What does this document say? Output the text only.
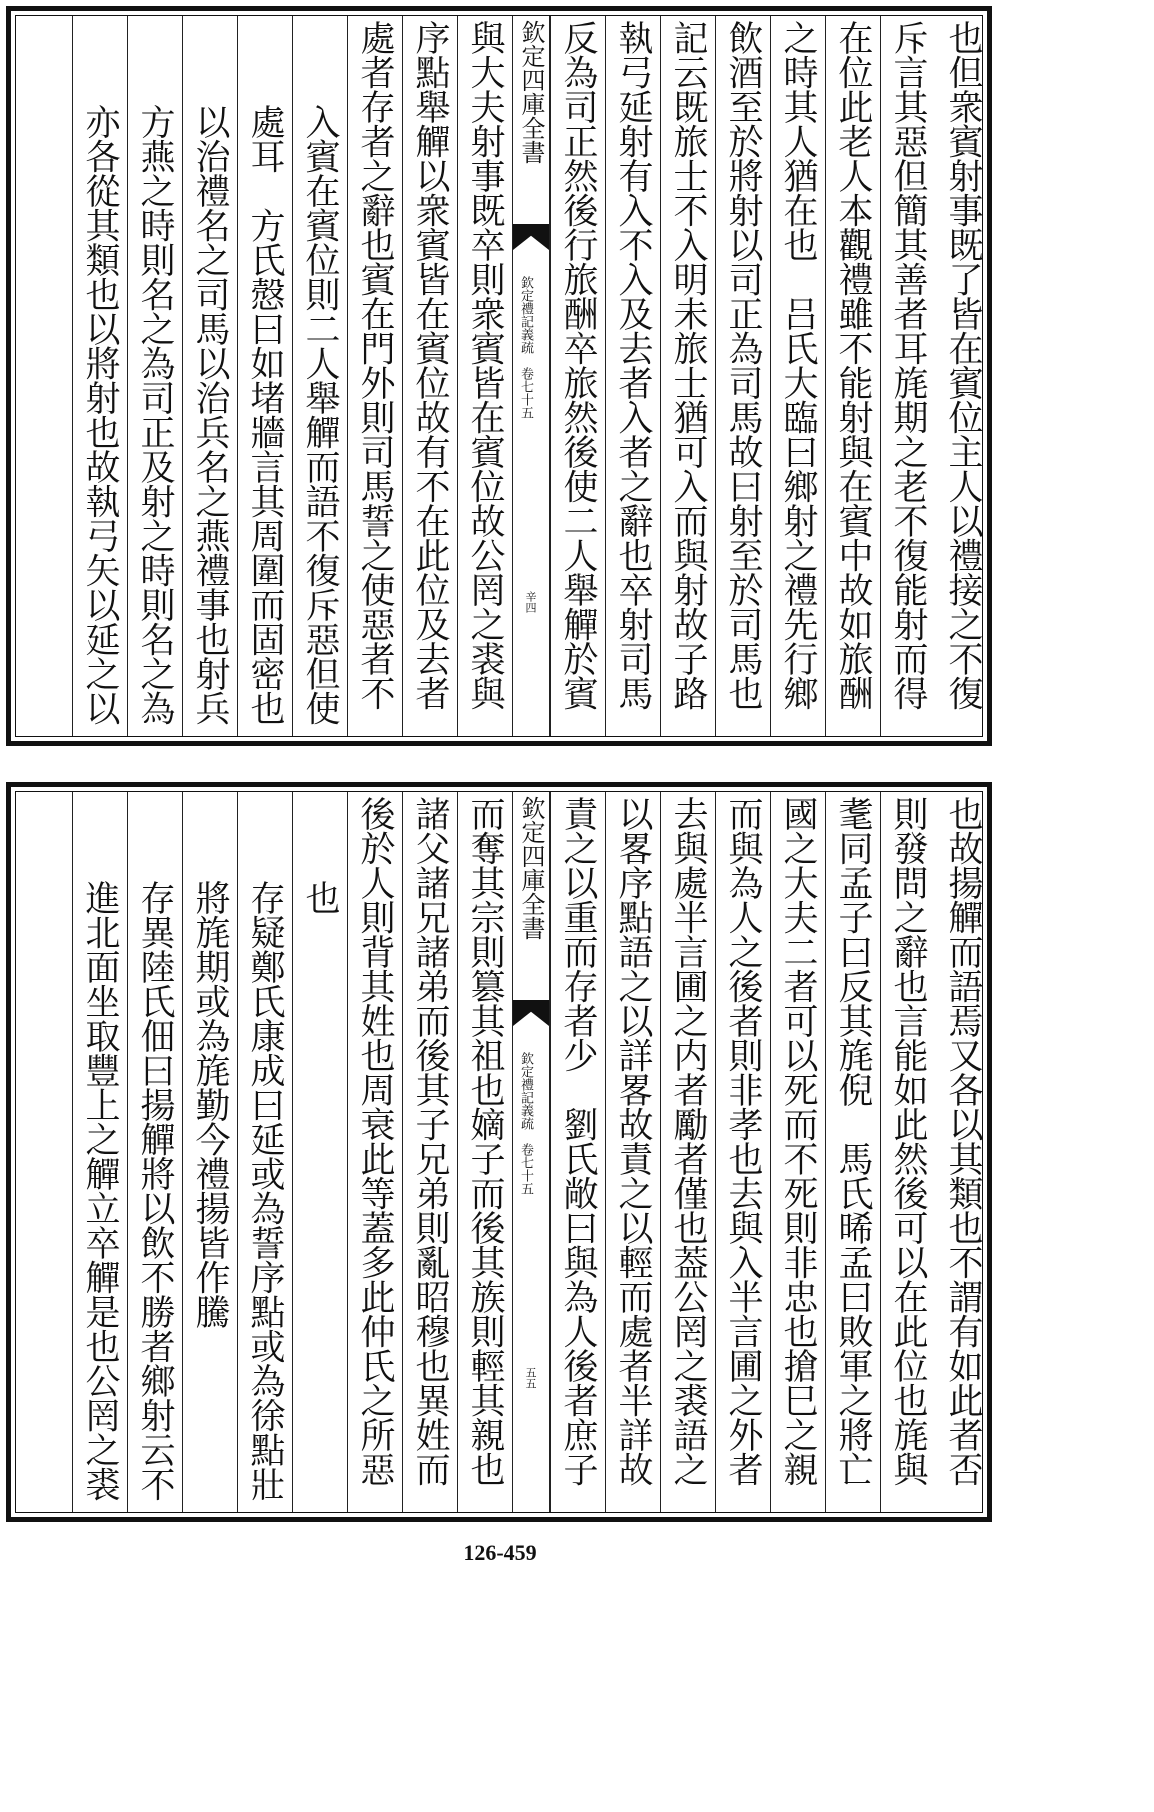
也但衆賓射事既了皆在賓位主人以禮接之不復
斥言其惡但簡其善者耳旄期之老不復能射而得
在位此老人本觀禮雖不能射與在賓中故如旅酬
之時其人猶在也　吕氏大臨曰鄉射之禮先行鄉
飲酒至於將射以司正為司馬故曰射至於司馬也
記云既旅士不入明未旅士猶可入而與射故子路
執弓延射有入不入及去者入者之辭也卒射司馬
反為司正然後行旅酬卒旅然後使二人舉觶於賓
欽定四庫全書
欽定禮記義疏　卷七十五
辛四
與大夫射事既卒則衆賓皆在賓位故公罔之裘與
序點舉觶以衆賓皆在賓位故有不在此位及去者
處者存者之辭也賓在門外則司馬誓之使惡者不
入賓在賓位則二人舉觶而語不復斥惡但使
處耳　方氏慤曰如堵牆言其周圍而固密也
以治禮名之司馬以治兵名之燕禮事也射兵
方燕之時則名之為司正及射之時則名之為
亦各從其類也以將射也故執弓矢以延之以
也故揚觶而語焉又各以其類也不謂有如此者否
則發問之辭也言能如此然後可以在此位也旄與
耄同孟子曰反其旄倪　馬氏晞孟曰敗軍之將亡
國之大夫二者可以死而不死則非忠也搶巳之親
而與為人之後者則非孝也去與入半言圃之外者
去與處半言圃之内者勵者僅也葢公罔之裘語之
以畧序點語之以詳畧故責之以輕而處者半詳故
責之以重而存者少　劉氏敞曰與為人後者庶子
欽定四庫全書
欽定禮記義疏　卷七十五
五五
而奪其宗則篡其祖也嫡子而後其族則輕其親也
諸父諸兄諸弟而後其子兄弟則亂昭穆也異姓而
後於人則背其姓也周衰此等蓋多此仲氏之所惡
也
存疑鄭氏康成曰延或為誓序點或為徐點壯
將旄期或為旄勤今禮揚皆作騰
存異陸氏佃曰揚觶將以飲不勝者鄉射云不
進北面坐取豐上之觶立卒觶是也公罔之裘
126-459
